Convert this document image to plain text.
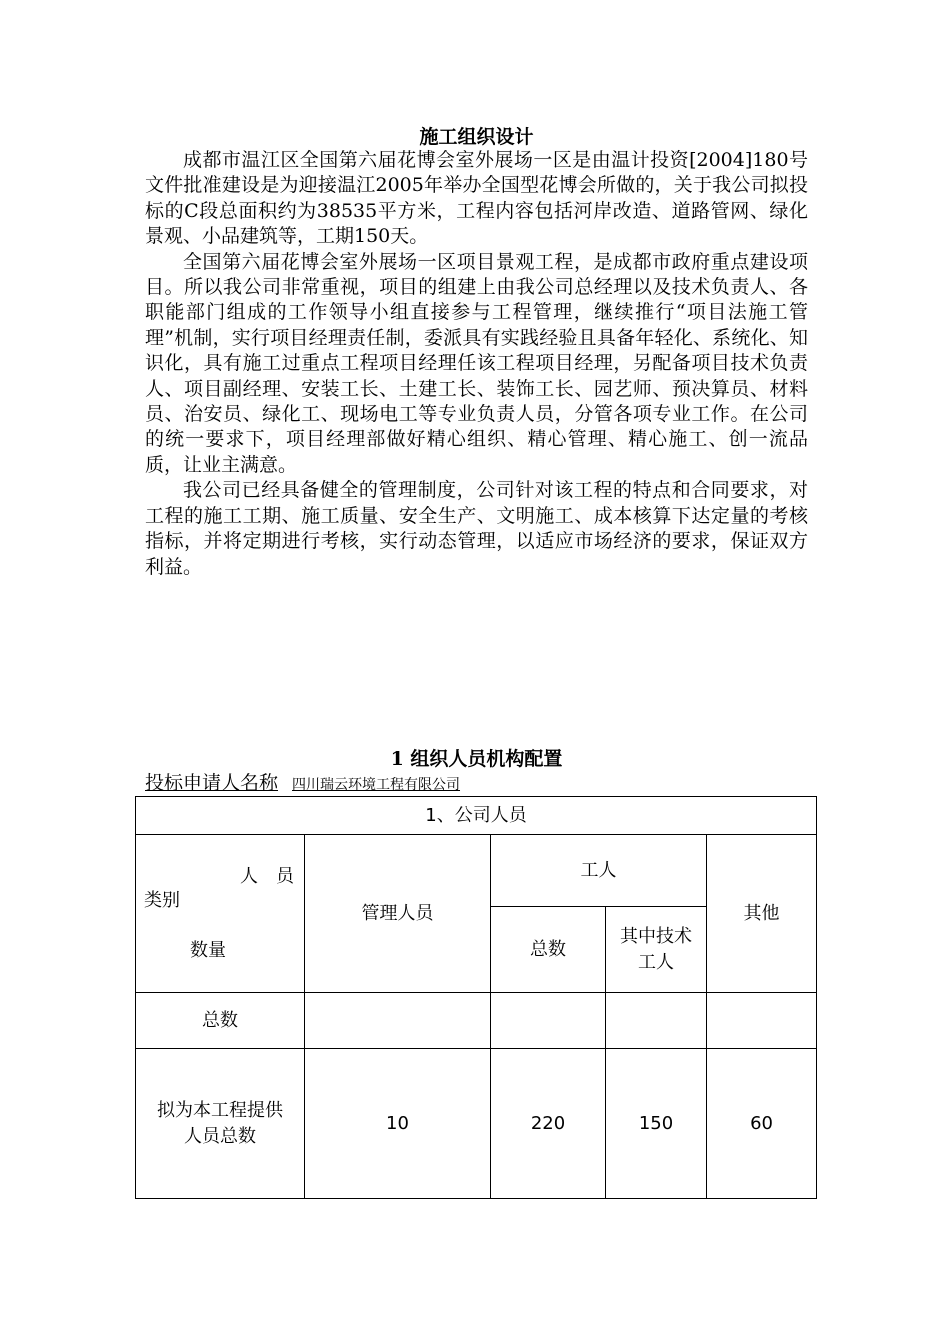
施工组织设计

成都市温江区全国第六届花博会室外展场一区是由温计投资[2004]180号文件批准建设是为迎接温江2005年举办全国型花博会所做的，关于我公司拟投标的C段总面积约为38535平方米，工程内容包括河岸改造、道路管网、绿化景观、小品建筑等，工期150天。

全国第六届花博会室外展场一区项目景观工程，是成都市政府重点建设项目。所以我公司非常重视，项目的组建上由我公司总经理以及技术负责人、各职能部门组成的工作领导小组直接参与工程管理，继续推行“项目法施工管理”机制，实行项目经理责任制，委派具有实践经验且具备年轻化、系统化、知识化，具有施工过重点工程项目经理任该工程项目经理，另配备项目技术负责人、项目副经理、安装工长、土建工长、装饰工长、园艺师、预决算员、材料员、治安员、绿化工、现场电工等专业负责人员，分管各项专业工作。在公司的统一要求下，项目经理部做好精心组织、精心管理、精心施工、创一流品质，让业主满意。

我公司已经具备健全的管理制度，公司针对该工程的特点和合同要求，对工程的施工工期、施工质量、安全生产、文明施工、成本核算下达定量的考核指标，并将定期进行考核，实行动态管理，以适应市场经济的要求，保证双方利益。

1 组织人员机构配置
投标申请人名称 四川瑞云环境工程有限公司
1、公司人员				

人员
类别
数量	管理人员	工人		其他
		总数	其中技术工人	
总数				
拟为本工程提供人员总数	10	220	150	60
